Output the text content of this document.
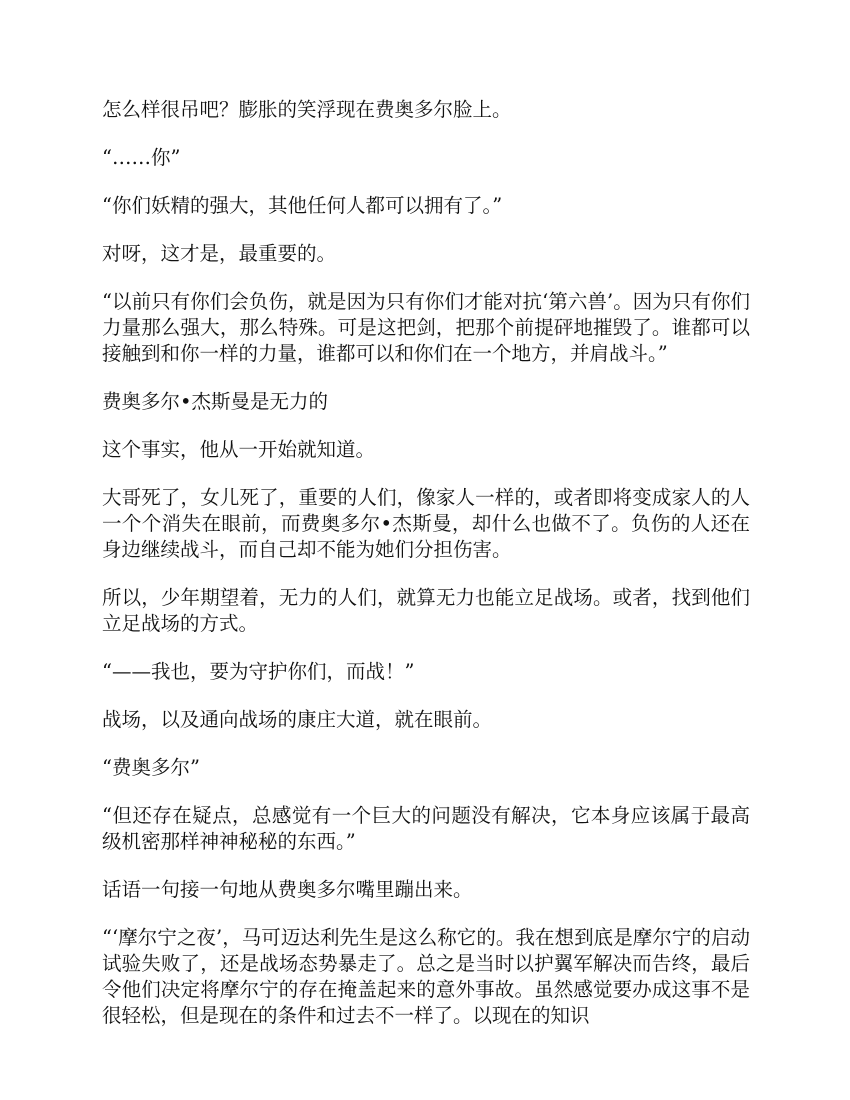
怎么样很吊吧？膨胀的笑浮现在费奥多尔脸上。

“……你”

“你们妖精的强大，其他任何人都可以拥有了。”

对呀，这才是，最重要的。

“以前只有你们会负伤，就是因为只有你们才能对抗‘第六兽’。因为只有你们力量那么强大，那么特殊。可是这把剑，把那个前提砰地摧毁了。谁都可以接触到和你一样的力量，谁都可以和你们在一个地方，并肩战斗。”

费奥多尔•杰斯曼是无力的

这个事实，他从一开始就知道。

大哥死了，女儿死了，重要的人们，像家人一样的，或者即将变成家人的人一个个消失在眼前，而费奥多尔•杰斯曼，却什么也做不了。负伤的人还在身边继续战斗，而自己却不能为她们分担伤害。

所以，少年期望着，无力的人们，就算无力也能立足战场。或者，找到他们立足战场的方式。

“——我也，要为守护你们，而战！”

战场，以及通向战场的康庄大道，就在眼前。

“费奥多尔”

“但还存在疑点，总感觉有一个巨大的问题没有解决，它本身应该属于最高级机密那样神神秘秘的东西。”

话语一句接一句地从费奥多尔嘴里蹦出来。

“‘摩尔宁之夜’，马可迈达利先生是这么称它的。我在想到底是摩尔宁的启动试验失败了，还是战场态势暴走了。总之是当时以护翼军解决而告终，最后令他们决定将摩尔宁的存在掩盖起来的意外事故。虽然感觉要办成这事不是很轻松，但是现在的条件和过去不一样了。以现在的知识
